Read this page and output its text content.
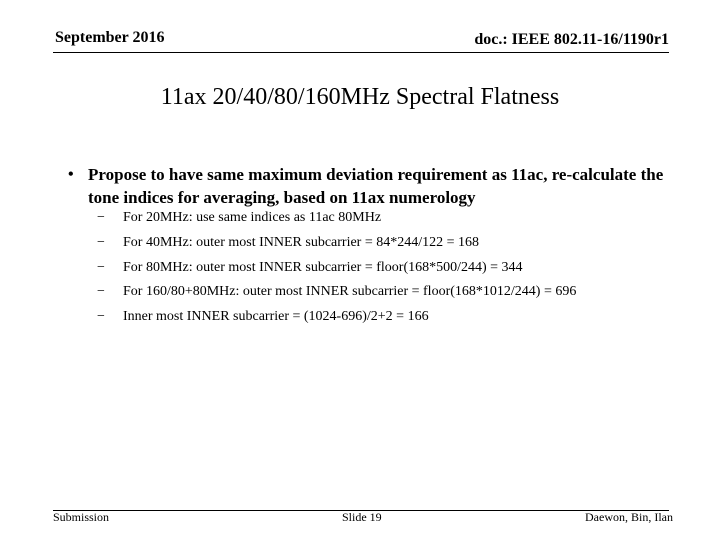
September 2016	doc.: IEEE 802.11-16/1190r1
11ax 20/40/80/160MHz Spectral Flatness
• Propose to have same maximum deviation requirement as 11ac, re-calculate the tone indices for averaging, based on 11ax numerology
−	For 20MHz: use same indices as 11ac 80MHz
−	For 40MHz: outer most INNER subcarrier = 84*244/122 = 168
−	For 80MHz: outer most INNER subcarrier = floor(168*500/244) = 344
−	For 160/80+80MHz: outer most INNER subcarrier = floor(168*1012/244) = 696
−	Inner most INNER subcarrier = (1024-696)/2+2 = 166
Submission	Slide 19	Daewon, Bin, Ilan
